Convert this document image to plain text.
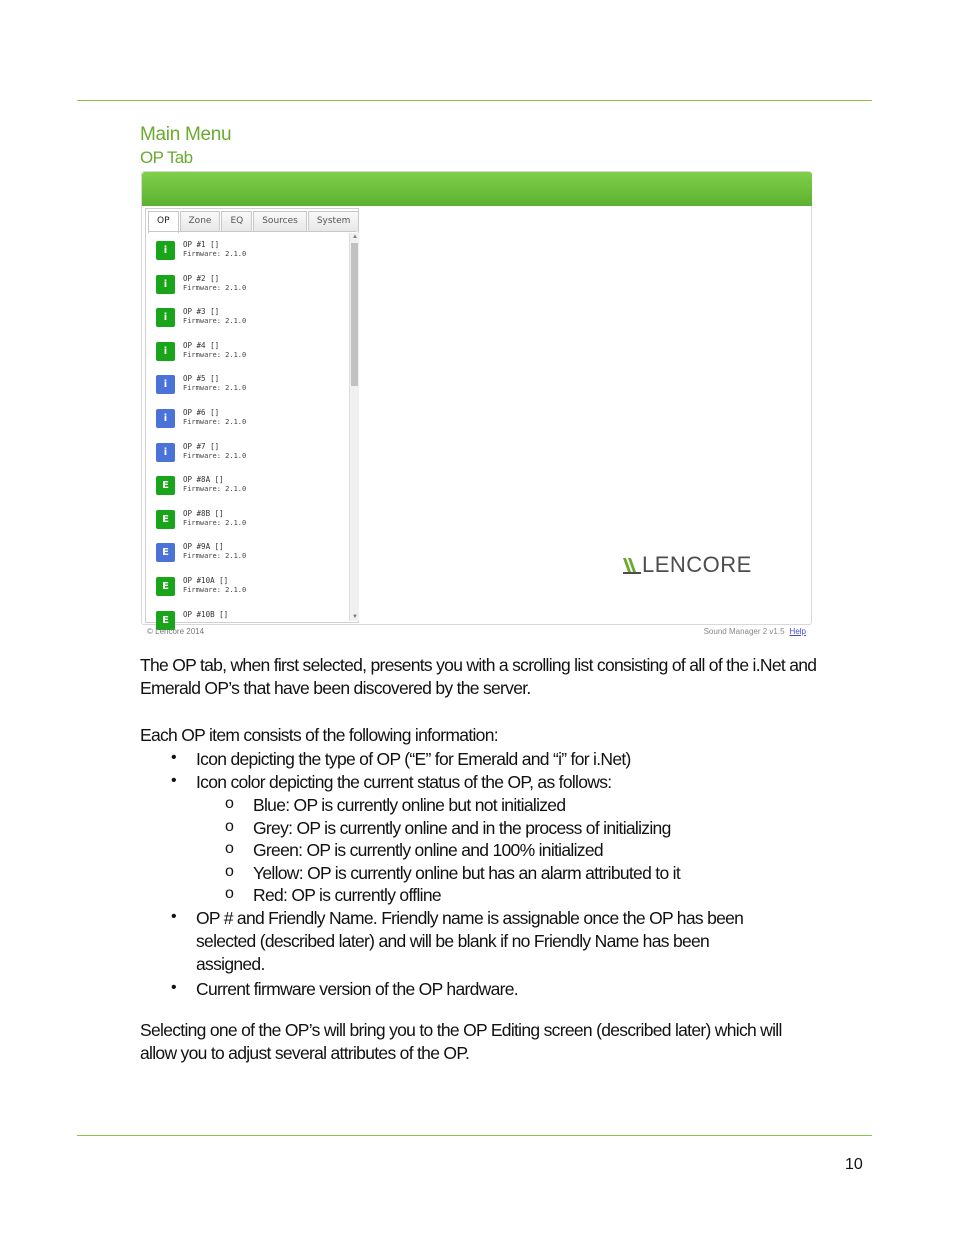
Main Menu
OP Tab
OP	Zone	EQ	Sources	System
i
OP #1 []
Firmware: 2.1.0
i
OP #2 []
Firmware: 2.1.0
i
OP #3 []
Firmware: 2.1.0
i
OP #4 []
Firmware: 2.1.0
i
OP #5 []
Firmware: 2.1.0
i
OP #6 []
Firmware: 2.1.0
i
OP #7 []
Firmware: 2.1.0
E
OP #8A []
Firmware: 2.1.0
E
OP #8B []
Firmware: 2.1.0
E
OP #9A []
Firmware: 2.1.0
E
OP #10A []
Firmware: 2.1.0
E
OP #10B []
▲
▼
LENCORE
© Lencore 2014	Sound Manager 2 v1.5 Help
The OP tab, when first selected, presents you with a scrolling list consisting of all of the i.Net and Emerald OP’s that have been discovered by the server.
Each OP item consists of the following information:
• Icon depicting the type of OP (“E” for Emerald and “i” for i.Net)
• Icon color depicting the current status of the OP, as follows:
o Blue: OP is currently online but not initialized
o Grey: OP is currently online and in the process of initializing
o Green: OP is currently online and 100% initialized
o Yellow: OP is currently online but has an alarm attributed to it
o Red: OP is currently offline
• OP # and Friendly Name. Friendly name is assignable once the OP has been selected (described later) and will be blank if no Friendly Name has been assigned.
• Current firmware version of the OP hardware.
Selecting one of the OP’s will bring you to the OP Editing screen (described later) which will allow you to adjust several attributes of the OP.
10
